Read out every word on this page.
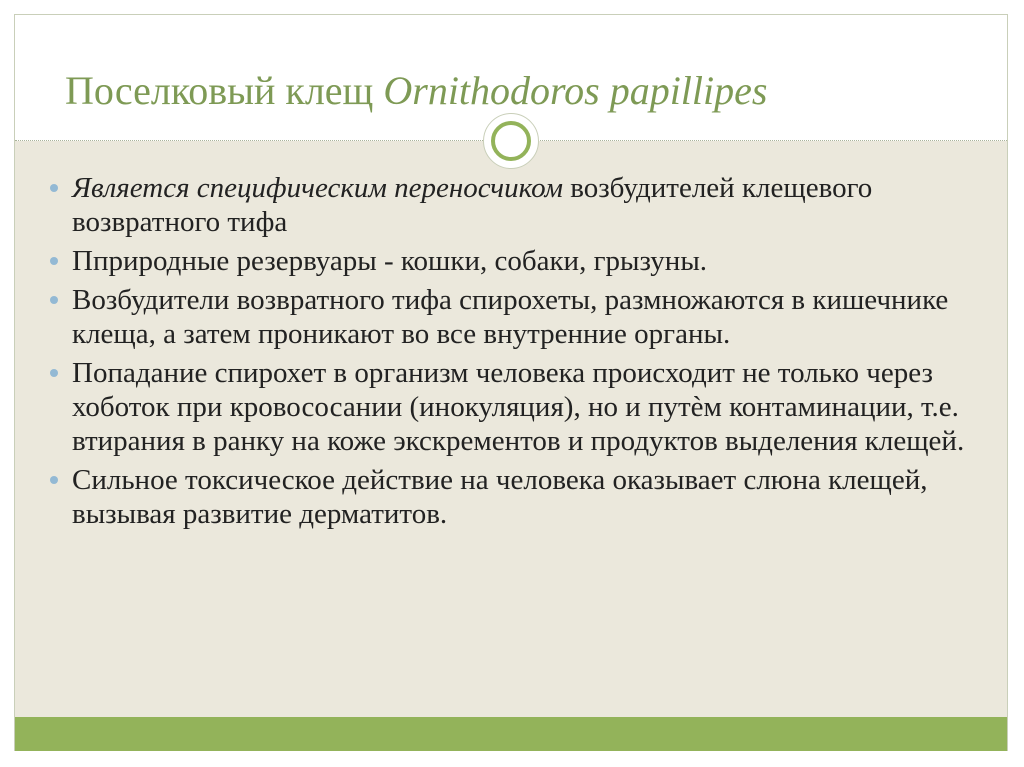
Поселковый клещ Ornithodoros papillipes
Является специфическим переносчиком возбудителей клещевого возвратного тифа
Пприродные резервуары - кошки, собаки, грызуны.
Возбудители возвратного тифа спирохеты, размножаются в кишечнике клеща, а затем проникают во все внутренние органы.
Попадание спирохет в организм человека происходит не только через хоботок при кровососании (инокуляция), но и путѐм контаминации, т.е. втирания в ранку на коже экскрементов и продуктов выделения клещей.
Сильное токсическое действие на человека оказывает слюна клещей, вызывая развитие дерматитов.
